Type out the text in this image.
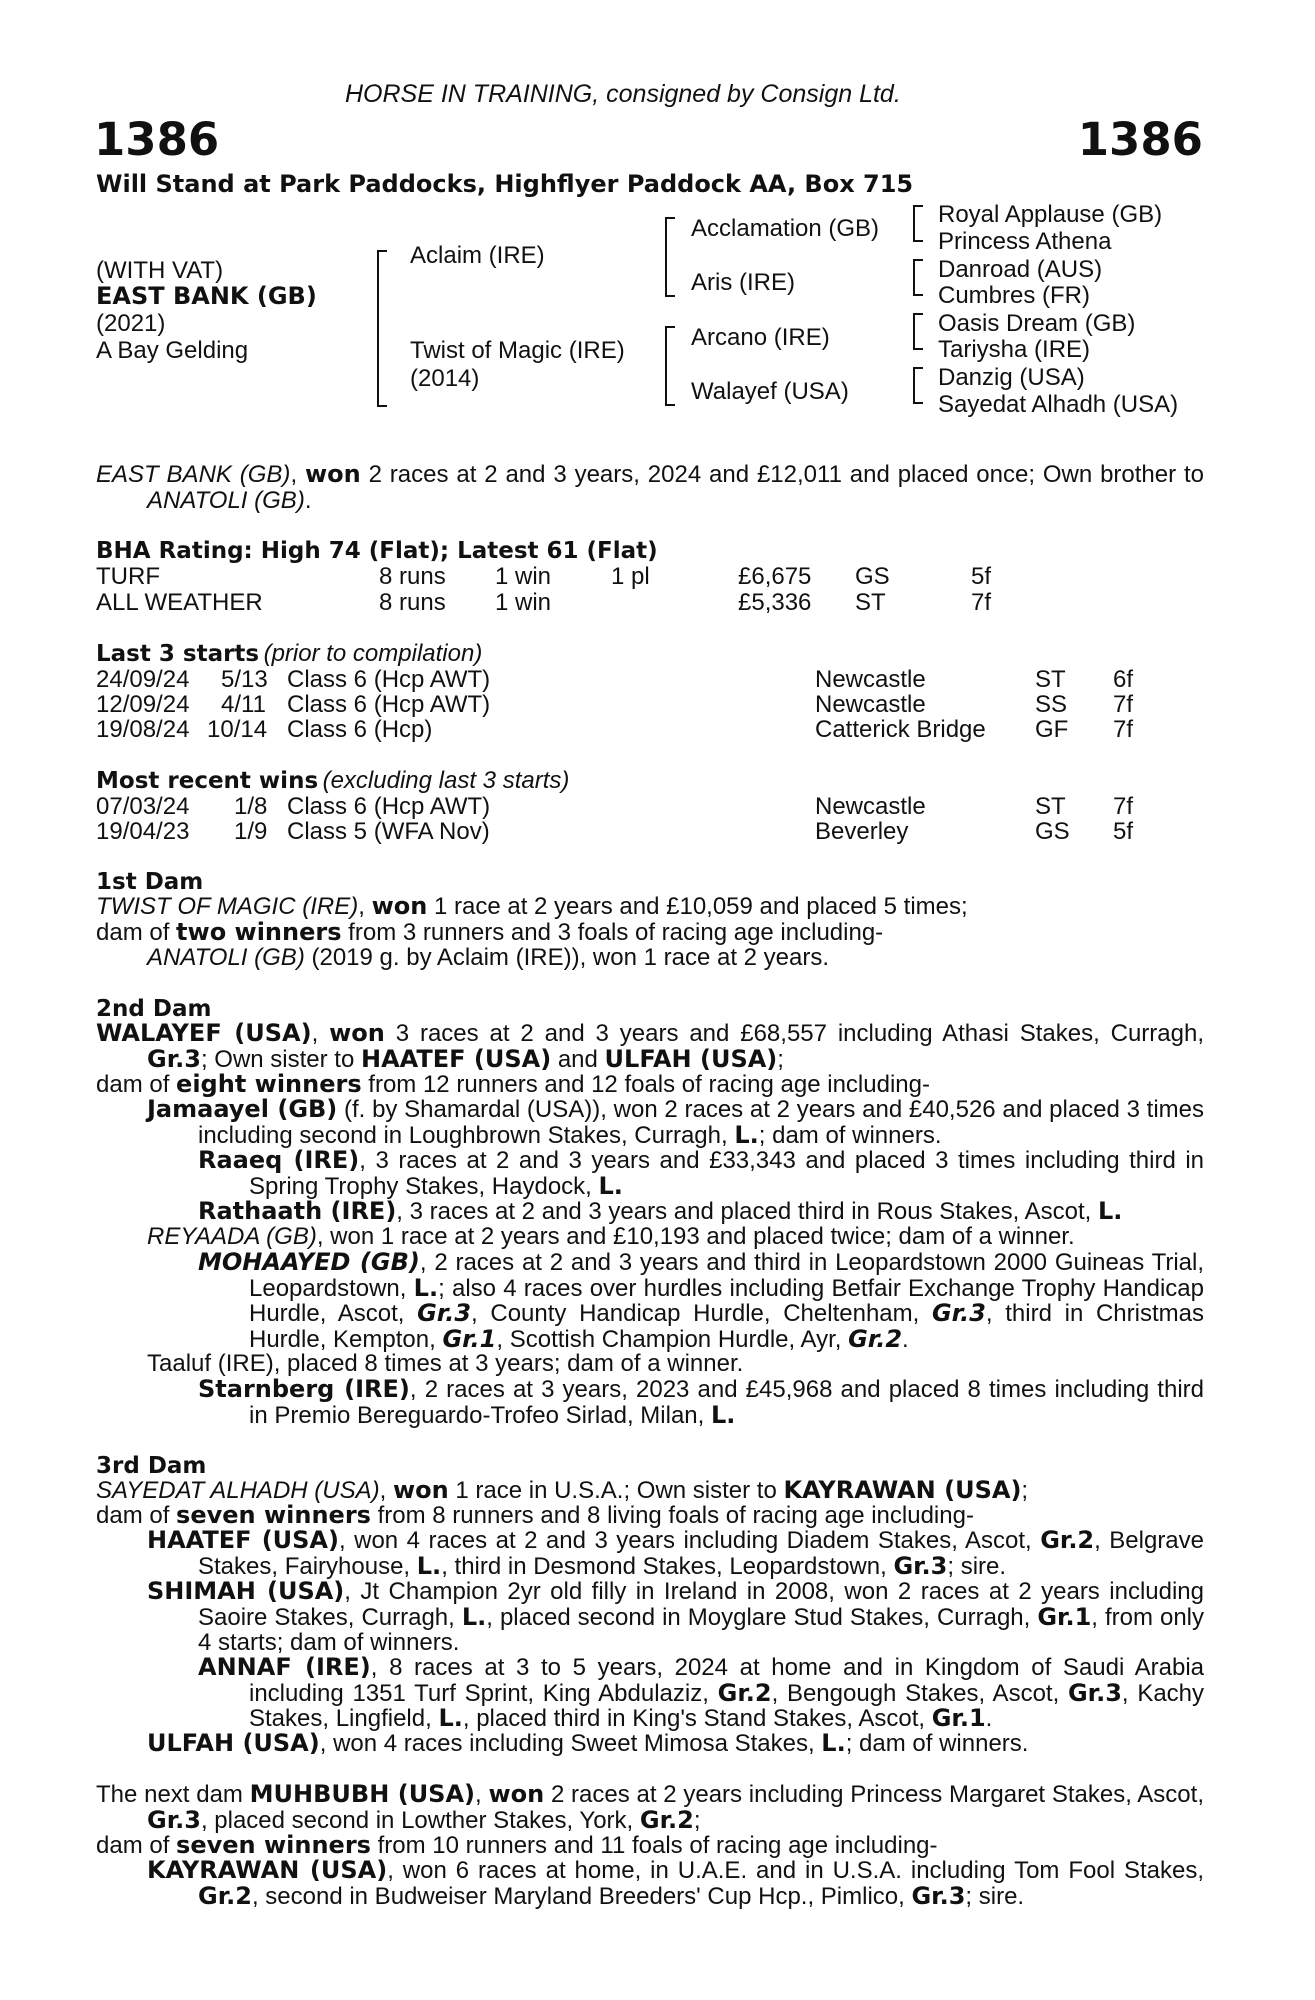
HORSE IN TRAINING, consigned by Consign Ltd.
1386	1386
Will Stand at Park Paddocks, Highflyer Paddock AA, Box 715
(WITH VAT)
EAST BANK (GB)
(2021)
A Bay Gelding
Aclaim (IRE)
Twist of Magic (IRE)
(2014)
Acclamation (GB)
Aris (IRE)
Arcano (IRE)
Walayef (USA)
Royal Applause (GB)
Princess Athena
Danroad (AUS)
Cumbres (FR)
Oasis Dream (GB)
Tariysha (IRE)
Danzig (USA)
Sayedat Alhadh (USA)
EAST BANK (GB), won 2 races at 2 and 3 years, 2024 and £12,011 and placed once; Own brother to ANATOLI (GB).
BHA Rating: High 74 (Flat); Latest 61 (Flat)
TURF	8 runs 1 win 1 pl	£6,675 GS	5f
ALL WEATHER	8 runs 1 win	£5,336 ST	7f
Last 3 starts (prior to compilation)
24/09/24 5/13 Class 6 (Hcp AWT)	Newcastle	ST 6f
12/09/24 4/11 Class 6 (Hcp AWT)	Newcastle	SS 7f
19/08/24 10/14 Class 6 (Hcp)	Catterick Bridge GF 7f
Most recent wins (excluding last 3 starts)
07/03/24 1/8 Class 6 (Hcp AWT)	Newcastle	ST 7f
19/04/23 1/9 Class 5 (WFA Nov)	Beverley	GS 5f
1st Dam
TWIST OF MAGIC (IRE), won 1 race at 2 years and £10,059 and placed 5 times;
dam of two winners from 3 runners and 3 foals of racing age including-
ANATOLI (GB) (2019 g. by Aclaim (IRE)), won 1 race at 2 years.
2nd Dam
WALAYEF (USA), won 3 races at 2 and 3 years and £68,557 including Athasi Stakes, Curragh, Gr.3; Own sister to HAATEF (USA) and ULFAH (USA);
dam of eight winners from 12 runners and 12 foals of racing age including-
Jamaayel (GB) (f. by Shamardal (USA)), won 2 races at 2 years and £40,526 and placed 3 times including second in Loughbrown Stakes, Curragh, L.; dam of winners.
Raaeq (IRE), 3 races at 2 and 3 years and £33,343 and placed 3 times including third in Spring Trophy Stakes, Haydock, L.
Rathaath (IRE), 3 races at 2 and 3 years and placed third in Rous Stakes, Ascot, L.
REYAADA (GB), won 1 race at 2 years and £10,193 and placed twice; dam of a winner.
MOHAAYED (GB), 2 races at 2 and 3 years and third in Leopardstown 2000 Guineas Trial, Leopardstown, L.; also 4 races over hurdles including Betfair Exchange Trophy Handicap Hurdle, Ascot, Gr.3, County Handicap Hurdle, Cheltenham, Gr.3, third in Christmas Hurdle, Kempton, Gr.1, Scottish Champion Hurdle, Ayr, Gr.2.
Taaluf (IRE), placed 8 times at 3 years; dam of a winner.
Starnberg (IRE), 2 races at 3 years, 2023 and £45,968 and placed 8 times including third in Premio Bereguardo-Trofeo Sirlad, Milan, L.
3rd Dam
SAYEDAT ALHADH (USA), won 1 race in U.S.A.; Own sister to KAYRAWAN (USA);
dam of seven winners from 8 runners and 8 living foals of racing age including-
HAATEF (USA), won 4 races at 2 and 3 years including Diadem Stakes, Ascot, Gr.2, Belgrave Stakes, Fairyhouse, L., third in Desmond Stakes, Leopardstown, Gr.3; sire.
SHIMAH (USA), Jt Champion 2yr old filly in Ireland in 2008, won 2 races at 2 years including Saoire Stakes, Curragh, L., placed second in Moyglare Stud Stakes, Curragh, Gr.1, from only 4 starts; dam of winners.
ANNAF (IRE), 8 races at 3 to 5 years, 2024 at home and in Kingdom of Saudi Arabia including 1351 Turf Sprint, King Abdulaziz, Gr.2, Bengough Stakes, Ascot, Gr.3, Kachy Stakes, Lingfield, L., placed third in King's Stand Stakes, Ascot, Gr.1.
ULFAH (USA), won 4 races including Sweet Mimosa Stakes, L.; dam of winners.
The next dam MUHBUBH (USA), won 2 races at 2 years including Princess Margaret Stakes, Ascot, Gr.3, placed second in Lowther Stakes, York, Gr.2;
dam of seven winners from 10 runners and 11 foals of racing age including-
KAYRAWAN (USA), won 6 races at home, in U.A.E. and in U.S.A. including Tom Fool Stakes, Gr.2, second in Budweiser Maryland Breeders' Cup Hcp., Pimlico, Gr.3; sire.
